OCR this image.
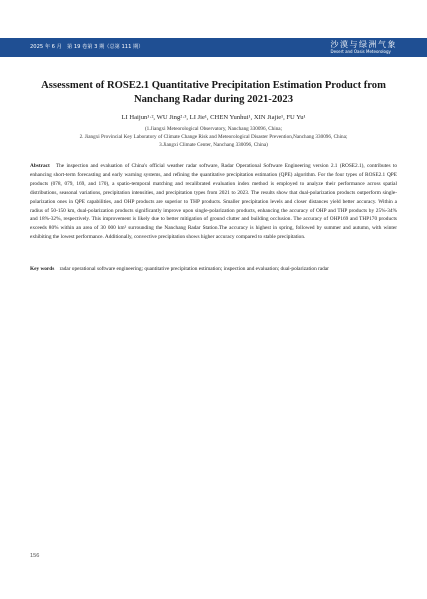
2025 年 6 月　第 19 卷第 3 期（总第 111 期）	沙漠与绿洲气象
Desert and Oasis Meteorology
Assessment of ROSE2.1 Quantitative Precipitation Estimation Product from Nanchang Radar during 2021-2023
LI Haijun¹·², WU Jing²·³, LI Jie¹, CHEN Yunhui¹, XIN Jiajie¹, FU Yu¹
(1.Jiangxi Meteorological Observatory, Nanchang 330096, China;
2. Jiangxi Provincial Key Laboratory of Climate Change Risk and Meteorological Disaster Prevention,Nanchang 330096, China;
3.Jiangxi Climate Center, Nanchang 330096, China)
Abstract The inspection and evaluation of China's official weather radar software, Radar Operational Software Engineering version 2.1 (ROSE2.1), contributes to enhancing short-term forecasting and early warning systems, and refining the quantitative precipitation estimation (QPE) algorithm. For the four types of ROSE2.1 QPE products (078, 079, 169, and 170), a spatio-temporal matching and recalibrated evaluation index method is employed to analyze their performance across spatial distributions, seasonal variations, precipitation intensities, and precipitation types from 2021 to 2023. The results show that dual-polarization products outperform single-polarization ones in QPE capabilities, and OHP products are superior to THP products. Smaller precipitation levels and closer distances yield better accuracy. Within a radius of 50-150 km, dual-polarization products significantly improve upon single-polarization products, enhancing the accuracy of OHP and THP products by 25%-34% and 18%-32%, respectively. This improvement is likely due to better mitigation of ground clutter and building occlusion. The accuracy of OHP169 and THP170 products exceeds 80% within an area of 30 000 km² surrounding the Nanchang Radar Station.The accuracy is highest in spring, followed by summer and autumn, with winter exhibiting the lowest performance. Additionally, convective precipitation shows higher accuracy compared to stable precipitation.
Key words radar operational software engineering; quantitative precipitation estimation; inspection and evaluation; dual-polarization radar
156
